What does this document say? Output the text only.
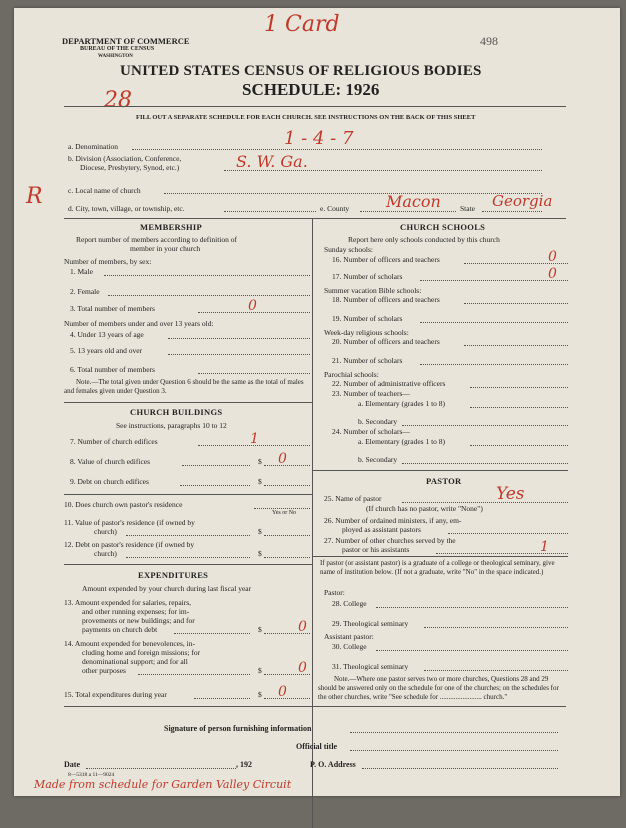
DEPARTMENT OF COMMERCE
BUREAU OF THE CENSUS
WASHINGTON
498
1 Card
28
UNITED STATES CENSUS OF RELIGIOUS BODIES
SCHEDULE: 1926
FILL OUT A SEPARATE SCHEDULE FOR EACH CHURCH. SEE INSTRUCTIONS ON THE BACK OF THIS SHEET
a. Denomination	1 - 4 - 7
b. Division (Association, Conference,
Diocese, Presbytery, Synod, etc.)	S. W. Ga.
R	c. Local name of church
d. City, town, village, or township, etc.	e. County Macon	State Georgia
MEMBERSHIP
Report number of members according to definition of
member in your church
Number of members, by sex:
1. Male
2. Female
3. Total number of members	0
Number of members under and over 13 years old:
4. Under 13 years of age
5. 13 years old and over
6. Total number of members
Note.—The total given under Question 6 should be the same as the total of males and females given under Question 3.
CHURCH BUILDINGS
See instructions, paragraphs 10 to 12
7. Number of church edifices	1
8. Value of church edifices	$ 0
9. Debt on church edifices	$
10. Does church own pastor's residence
Yes or No
11. Value of pastor's residence (if owned by
church)	$
12. Debt on pastor's residence (if owned by
church)	$
EXPENDITURES
Amount expended by your church during last fiscal year
13. Amount expended for salaries, repairs,
and other running expenses; for im-
provements or new buildings; and for
payments on church debt	$	0
14. Amount expended for benevolences, in-
cluding home and foreign missions; for
denominational support; and for all
other purposes	$	0
15. Total expenditures during year	$ 0
CHURCH SCHOOLS
Report here only schools conducted by this church
Sunday schools:
16. Number of officers and teachers	0
17. Number of scholars	0
Summer vacation Bible schools:
18. Number of officers and teachers
19. Number of scholars
Week-day religious schools:
20. Number of officers and teachers
21. Number of scholars
Parochial schools:
22. Number of administrative officers
23. Number of teachers—
a. Elementary (grades 1 to 8)
b. Secondary
24. Number of scholars—
a. Elementary (grades 1 to 8)
b. Secondary
PASTOR
25. Name of pastor	Yes
(If church has no pastor, write "None")
26. Number of ordained ministers, if any, em-
ployed as assistant pastors
27. Number of other churches served by the
pastor or his assistants	1
If pastor (or assistant pastor) is a graduate of a college or theological seminary, give name of institution below. (If not a graduate, write "No" in the space indicated.)
Pastor:
28. College
29. Theological seminary
Assistant pastor:
30. College
31. Theological seminary
Note.—Where one pastor serves two or more churches, Questions 28 and 29 should be answered only on the schedule for one of the churches; on the schedules for the other churches, write "See schedule for ........................ church."
Signature of person furnishing information
Official title
Date	, 192	P. O. Address
8—5318 a 11—9024
Made from schedule for Garden Valley Circuit
